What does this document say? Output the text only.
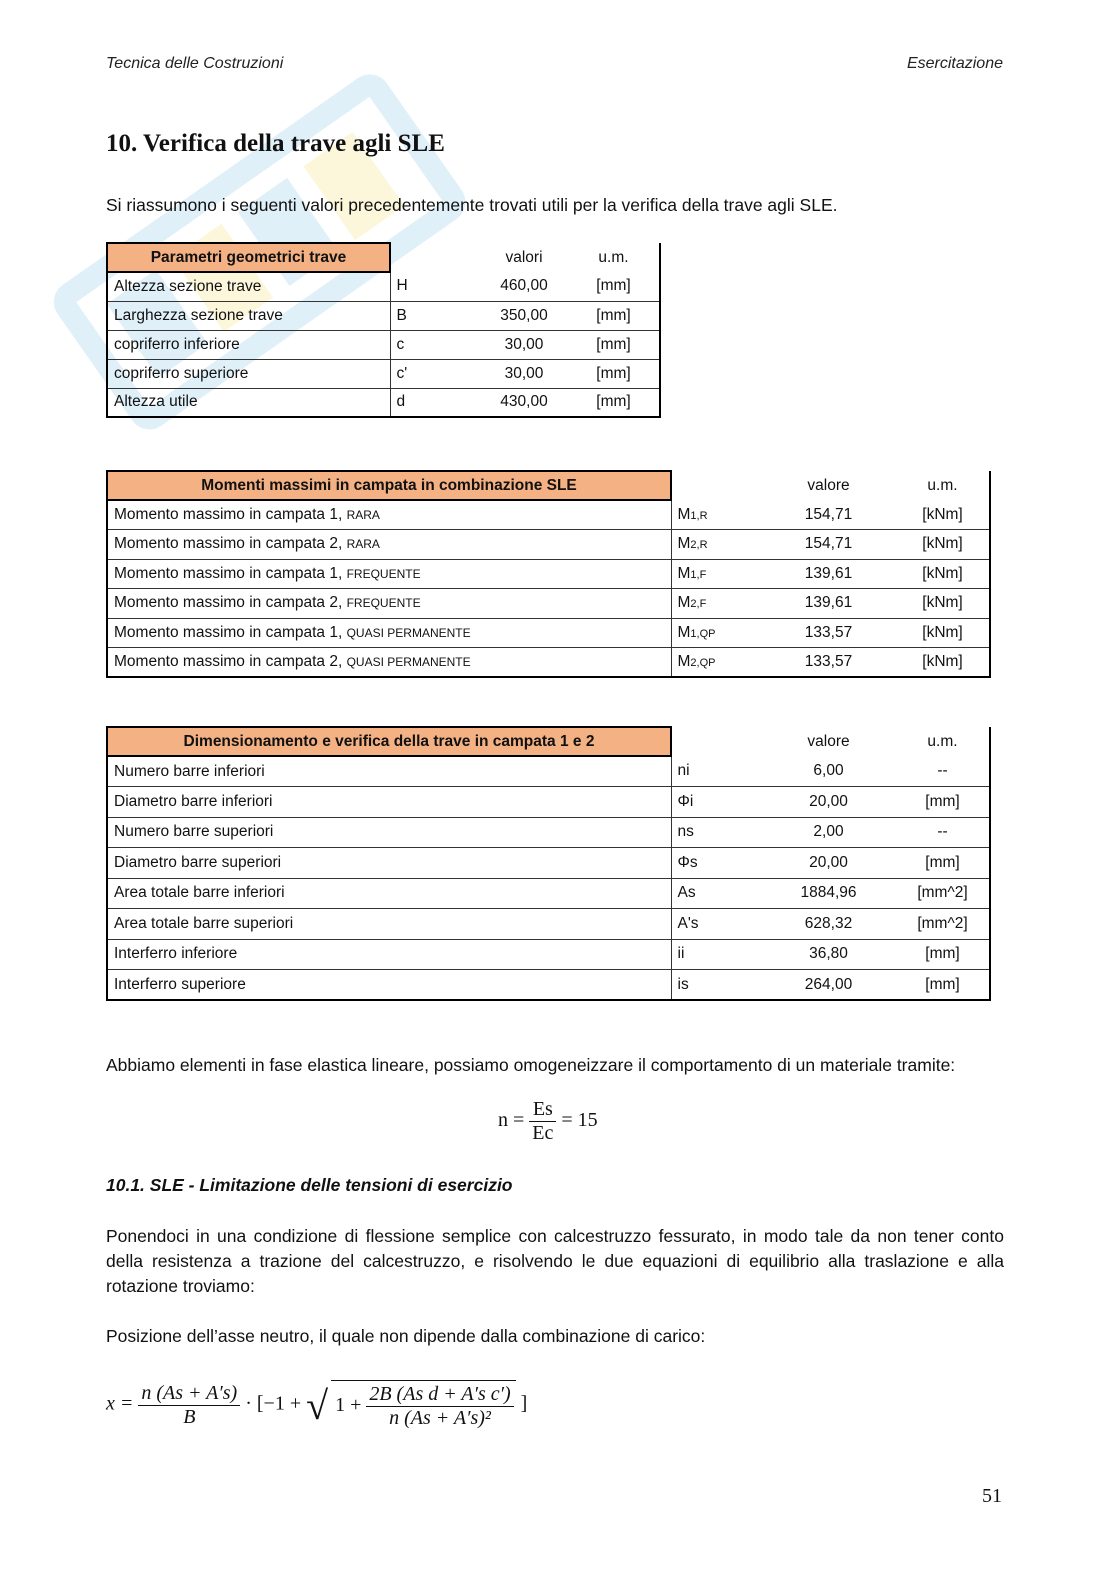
Tecnica delle Costruzioni	Esercitazione
10. Verifica della trave agli SLE
Si riassumono i seguenti valori precedentemente trovati utili per la verifica della trave agli SLE.
Parametri geometrici trave		valori	u.m.
Altezza sezione trave	H	460,00	[mm]
Larghezza sezione trave	B	350,00	[mm]
copriferro inferiore	c	30,00	[mm]
copriferro superiore	c'	30,00	[mm]
Altezza utile	d	430,00	[mm]
Momenti massimi in campata in combinazione SLE		valore	u.m.
Momento massimo in campata 1, RARA	M1,R	154,71	[kNm]
Momento massimo in campata 2, RARA	M2,R	154,71	[kNm]
Momento massimo in campata 1, FREQUENTE	M1,F	139,61	[kNm]
Momento massimo in campata 2, FREQUENTE	M2,F	139,61	[kNm]
Momento massimo in campata 1, QUASI PERMANENTE	M1,QP	133,57	[kNm]
Momento massimo in campata 2, QUASI PERMANENTE	M2,QP	133,57	[kNm]
Dimensionamento e verifica della trave in campata 1 e 2		valore	u.m.
Numero barre inferiori	ni	6,00	--
Diametro barre inferiori	Φi	20,00	[mm]
Numero barre superiori	ns	2,00	--
Diametro barre superiori	Φs	20,00	[mm]
Area totale barre inferiori	As	1884,96	[mm^2]
Area totale barre superiori	A's	628,32	[mm^2]
Interferro inferiore	ii	36,80	[mm]
Interferro superiore	is	264,00	[mm]
Abbiamo elementi in fase elastica lineare, possiamo omogeneizzare il comportamento di un materiale tramite:
$n = \frac{Es}{Ec} = 15$
10.1. SLE - Limitazione delle tensioni di esercizio
Ponendoci in una condizione di flessione semplice con calcestruzzo fessurato, in modo tale da non tener conto della resistenza a trazione del calcestruzzo, e risolvendo le due equazioni di equilibrio alla traslazione e alla rotazione troviamo:
Posizione dell’asse neutro, il quale non dipende dalla combinazione di carico:
$x = \frac{n (As + A's)}{B} \cdot [-1$ + √ $1 + \frac{\text{2B (As d + A′s c′)}}{\text{n (As + A′s)²}}$ ]
51
